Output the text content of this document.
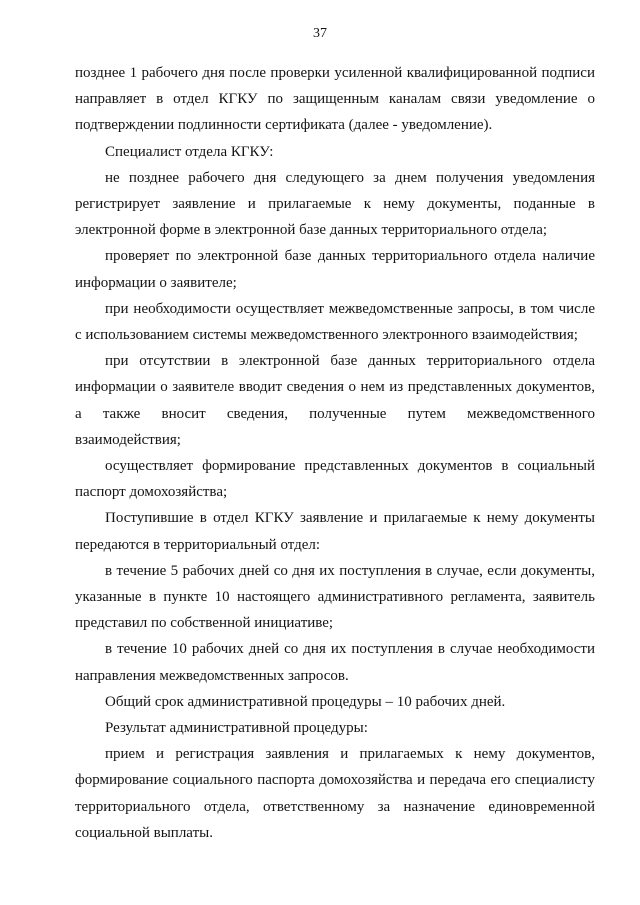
37

позднее 1 рабочего дня после проверки усиленной квалифицированной подписи направляет в отдел КГКУ по защищенным каналам связи уведомление о подтверждении подлинности сертификата (далее - уведомление).

Специалист отдела КГКУ:

не позднее рабочего дня следующего за днем получения уведомления регистрирует заявление и прилагаемые к нему документы, поданные в электронной форме в электронной базе данных территориального отдела;

проверяет по электронной базе данных территориального отдела наличие информации о заявителе;

при необходимости осуществляет межведомственные запросы, в том числе с использованием системы межведомственного электронного взаимодействия;

при отсутствии в электронной базе данных территориального отдела информации о заявителе вводит сведения о нем из представленных документов, а также вносит сведения, полученные путем межведомственного взаимодействия;

осуществляет формирование представленных документов в социальный паспорт домохозяйства;

Поступившие в отдел КГКУ заявление и прилагаемые к нему документы передаются в территориальный отдел:

в течение 5 рабочих дней со дня их поступления в случае, если документы, указанные в пункте 10 настоящего административного регламента, заявитель представил по собственной инициативе;

в течение 10 рабочих дней со дня их поступления в случае необходимости направления межведомственных запросов.

Общий срок административной процедуры – 10 рабочих дней.

Результат административной процедуры:

прием и регистрация заявления и прилагаемых к нему документов, формирование социального паспорта домохозяйства и передача его специалисту территориального отдела, ответственному за назначение единовременной социальной выплаты.
